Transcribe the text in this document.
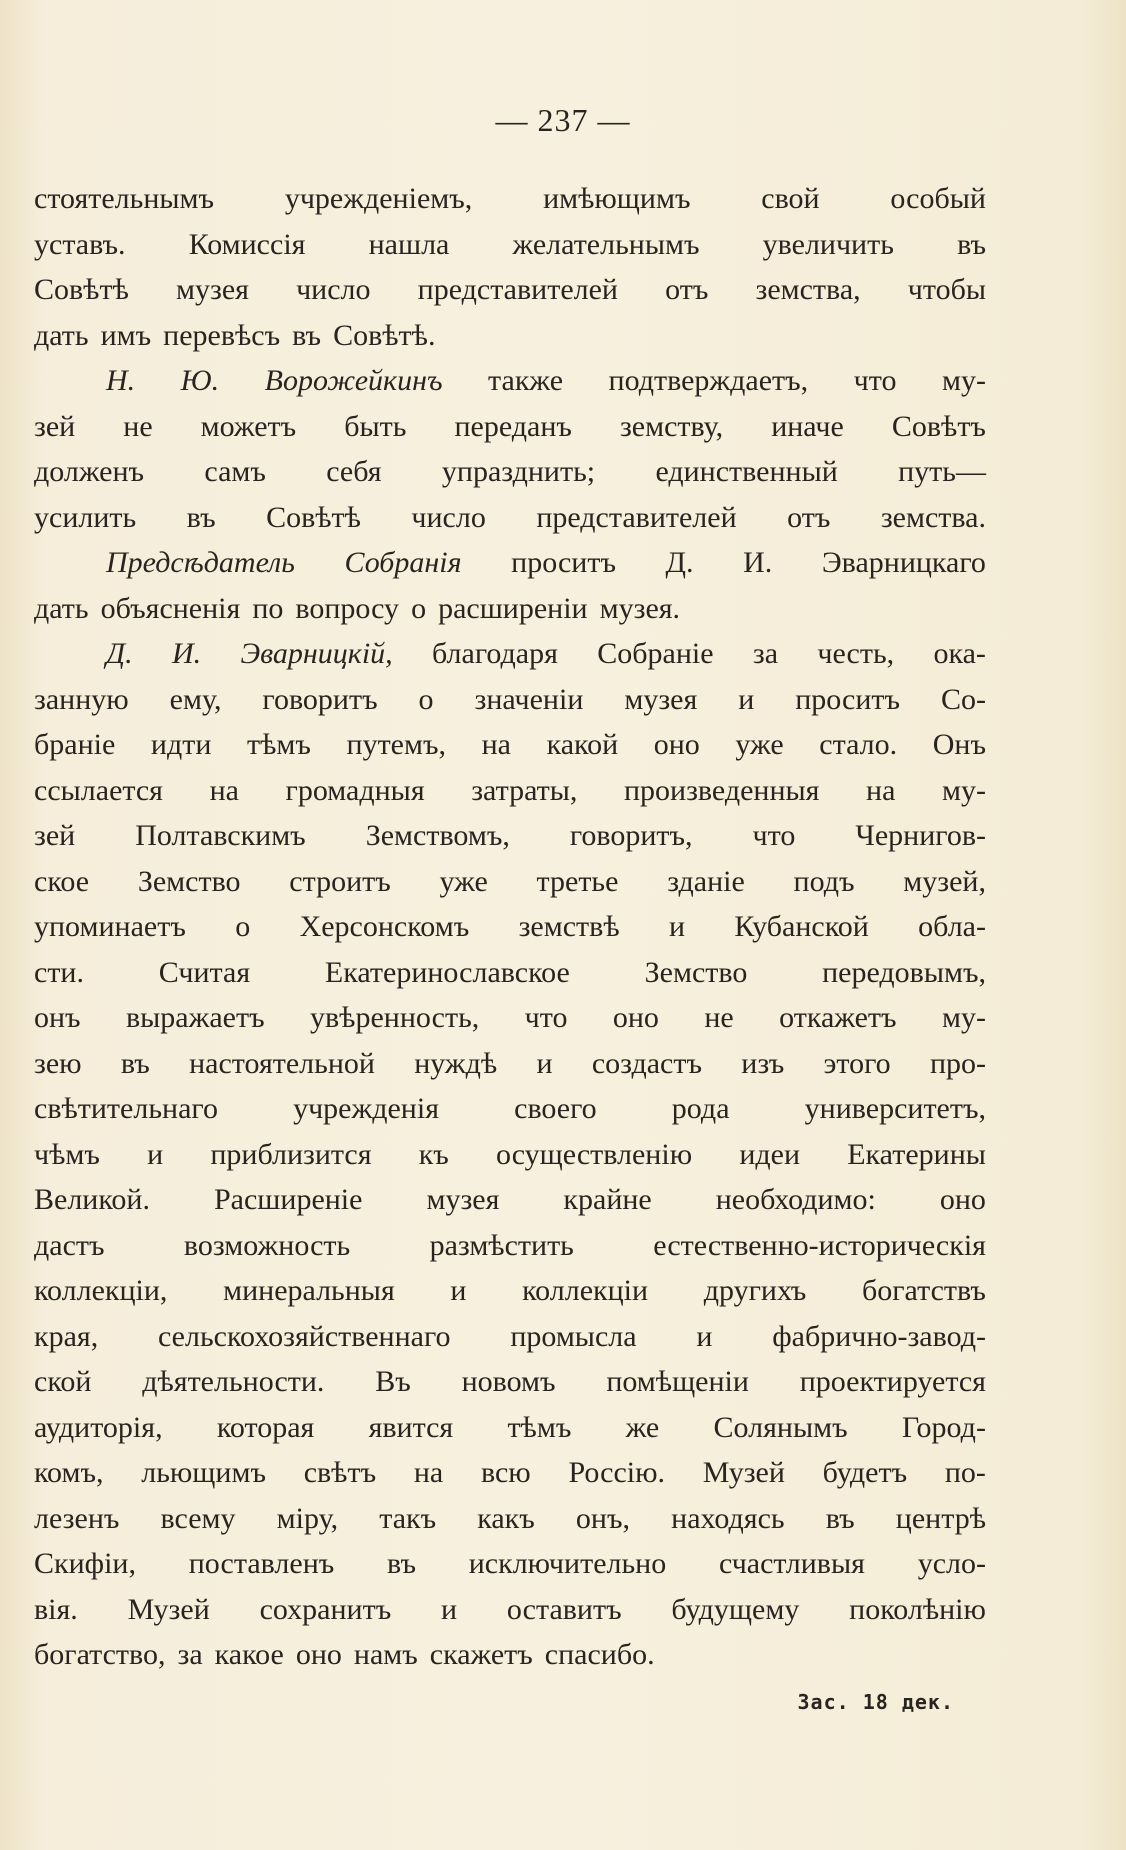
— 237 —
стоятельнымъ учрежденіемъ, имѣющимъ свой особый
уставъ. Комиссія нашла желательнымъ увеличить въ
Совѣтѣ музея число представителей отъ земства, чтобы
дать имъ перевѣсъ въ Совѣтѣ.
Н. Ю. Ворожейкинъ также подтверждаетъ, что му-
зей не можетъ быть переданъ земству, иначе Совѣтъ
долженъ самъ себя упразднить; единственный путь—
усилить въ Совѣтѣ число представителей отъ земства.
Предсѣдатель Собранія проситъ Д. И. Эварницкаго
дать объясненія по вопросу о расширеніи музея.
Д. И. Эварницкій, благодаря Собраніе за честь, ока-
занную ему, говоритъ о значеніи музея и проситъ Со-
браніе идти тѣмъ путемъ, на какой оно уже стало. Онъ
ссылается на громадныя затраты, произведенныя на му-
зей Полтавскимъ Земствомъ, говоритъ, что Чернигов-
ское Земство строитъ уже третье зданіе подъ музей,
упоминаетъ о Херсонскомъ земствѣ и Кубанской обла-
сти. Считая Екатеринославское Земство передовымъ,
онъ выражаетъ увѣренность, что оно не откажетъ му-
зею въ настоятельной нуждѣ и создастъ изъ этого про-
свѣтительнаго	учрежденія	своего	рода	университетъ,
чѣмъ и приблизится къ осуществленію идеи Екатерины
Великой. Расширеніе музея крайне необходимо: оно
дастъ	возможность	размѣстить	естественно-историческія
коллекціи, минеральныя и коллекціи другихъ богатствъ
края, сельскохозяйственнаго промысла и фабрично-завод-
ской дѣятельности. Въ новомъ помѣщеніи проектируется
аудиторія, которая явится тѣмъ же Солянымъ Город-
комъ, льющимъ свѣтъ на всю Россію. Музей будетъ по-
лезенъ всему міру, такъ какъ онъ, находясь въ центрѣ
Скифіи, поставленъ въ исключительно счастливыя усло-
вія. Музей сохранитъ и оставитъ будущему поколѣнію
богатство, за какое оно намъ скажетъ спасибо.
Зас. 18 дек.
